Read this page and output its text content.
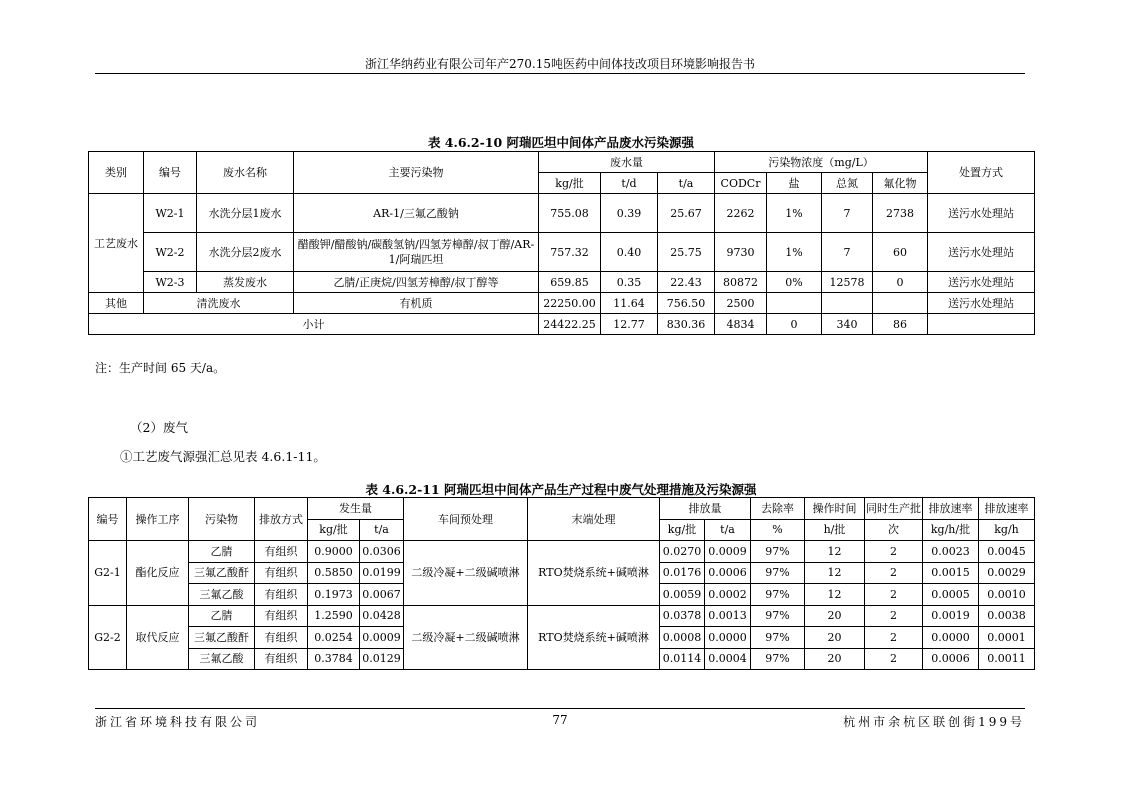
浙江华纳药业有限公司年产270.15吨医药中间体技改项目环境影响报告书
表 4.6.2-10 阿瑞匹坦中间体产品废水污染源强
类别	编号	废水名称	主要污染物	废水量			污染物浓度（mg/L）				处置方式
				kg/批	t/d	t/a	CODCr	盐	总氮	氟化物	
工艺废水	W2-1	水洗分层1废水	AR-1/三氟乙酸钠	755.08	0.39	25.67	2262	1%	7	2738	送污水处理站
	W2-2	水洗分层2废水	醋酸钾/醋酸钠/碳酸氢钠/四氢芳樟醇/叔丁醇/AR-1/阿瑞匹坦	757.32	0.40	25.75	9730	1%	7	60	送污水处理站
	W2-3	蒸发废水	乙腈/正庚烷/四氢芳樟醇/叔丁醇等	659.85	0.35	22.43	80872	0%	12578	0	送污水处理站
其他	清洗废水		有机质	22250.00	11.64	756.50	2500				送污水处理站
小计				24422.25	12.77	830.36	4834	0	340	86	
注：生产时间 65 天/a。
（2）废气
①工艺废气源强汇总见表 4.6.1-11。
表 4.6.2-11 阿瑞匹坦中间体产品生产过程中废气处理措施及污染源强
编号	操作工序	污染物	排放方式	发生量		车间预处理	末端处理	排放量		去除率	操作时间	同时生产批	排放速率	排放速率
				kg/批	t/a			kg/批	t/a	%	h/批	次	kg/h/批	kg/h
G2-1	酯化反应	乙腈	有组织	0.9000	0.0306	二级冷凝+二级碱喷淋	RTO焚烧系统+碱喷淋	0.0270	0.0009	97%	12	2	0.0023	0.0045
		三氟乙酸酐	有组织	0.5850	0.0199			0.0176	0.0006	97%	12	2	0.0015	0.0029
		三氟乙酸	有组织	0.1973	0.0067			0.0059	0.0002	97%	12	2	0.0005	0.0010
G2-2	取代反应	乙腈	有组织	1.2590	0.0428	二级冷凝+二级碱喷淋	RTO焚烧系统+碱喷淋	0.0378	0.0013	97%	20	2	0.0019	0.0038
		三氟乙酸酐	有组织	0.0254	0.0009			0.0008	0.0000	97%	20	2	0.0000	0.0001
		三氟乙酸	有组织	0.3784	0.0129			0.0114	0.0004	97%	20	2	0.0006	0.0011
浙江省环境科技有限公司	77	杭州市余杭区联创街199号
